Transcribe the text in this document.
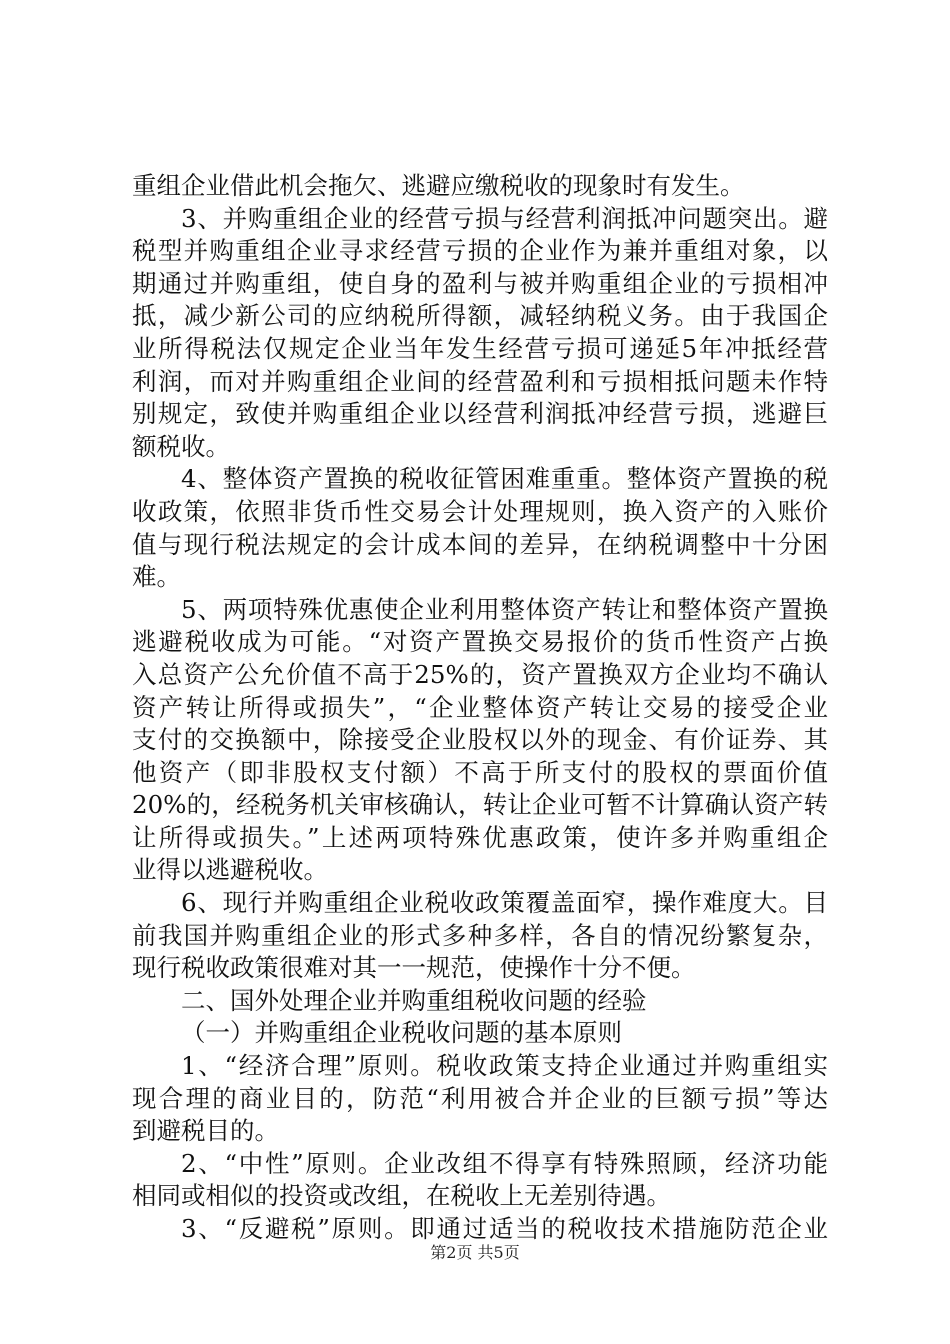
重组企业借此机会拖欠、逃避应缴税收的现象时有发生。
3、并购重组企业的经营亏损与经营利润抵冲问题突出。避
税型并购重组企业寻求经营亏损的企业作为兼并重组对象，以
期通过并购重组，使自身的盈利与被并购重组企业的亏损相冲
抵，减少新公司的应纳税所得额，减轻纳税义务。由于我国企
业所得税法仅规定企业当年发生经营亏损可递延5年冲抵经营
利润，而对并购重组企业间的经营盈利和亏损相抵问题未作特
别规定，致使并购重组企业以经营利润抵冲经营亏损，逃避巨
额税收。
4、整体资产置换的税收征管困难重重。整体资产置换的税
收政策，依照非货币性交易会计处理规则，换入资产的入账价
值与现行税法规定的会计成本间的差异，在纳税调整中十分困
难。
5、两项特殊优惠使企业利用整体资产转让和整体资产置换
逃避税收成为可能。“对资产置换交易报价的货币性资产占换
入总资产公允价值不高于25%的，资产置换双方企业均不确认
资产转让所得或损失”，“企业整体资产转让交易的接受企业
支付的交换额中，除接受企业股权以外的现金、有价证券、其
他资产（即非股权支付额）不高于所支付的股权的票面价值
20%的，经税务机关审核确认，转让企业可暂不计算确认资产转
让所得或损失。”上述两项特殊优惠政策，使许多并购重组企
业得以逃避税收。
6、现行并购重组企业税收政策覆盖面窄，操作难度大。目
前我国并购重组企业的形式多种多样，各自的情况纷繁复杂，
现行税收政策很难对其一一规范，使操作十分不便。
二、国外处理企业并购重组税收问题的经验
（一）并购重组企业税收问题的基本原则
1、“经济合理”原则。税收政策支持企业通过并购重组实
现合理的商业目的，防范“利用被合并企业的巨额亏损”等达
到避税目的。
2、“中性”原则。企业改组不得享有特殊照顾，经济功能
相同或相似的投资或改组，在税收上无差别待遇。
3、“反避税”原则。即通过适当的税收技术措施防范企业
第2页 共5页
